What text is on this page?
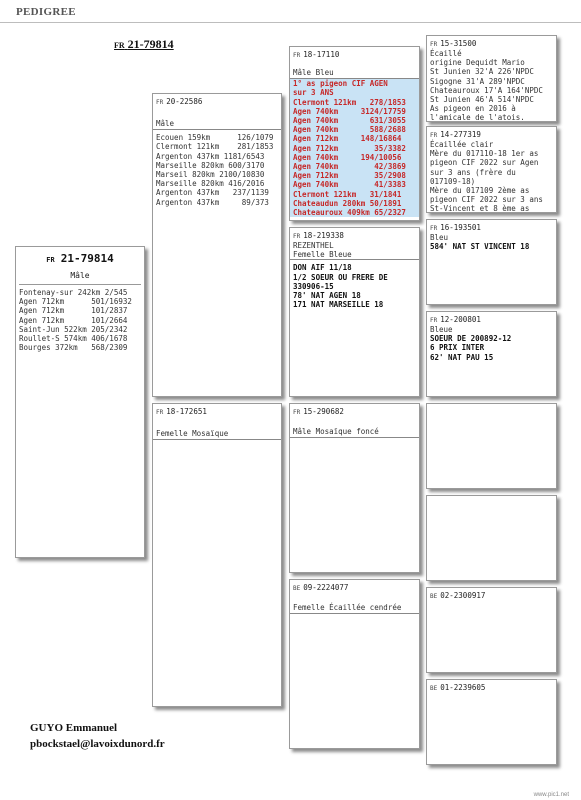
PEDIGREE
FR 21-79814
FR 21-79814
Mâle
Fontenay-sur 242km 2/545
Agen 712km      501/16932
Agen 712km      101/2837
Agen 712km      101/2664
Saint-Jun 522km 205/2342
Roullet-S 574km 406/1678
Bourges 372km   568/2309
FR 20-22586
Mâle
Ecouen 159km      126/1079
Clermont 121km    281/1853
Argenton 437km 1181/6543
Marseille 820km 600/3170
Marseil 820km 2100/10830
Marseille 820km 416/2016
Argenton 437km   237/1139
Argenton 437km     89/373
FR 18-172651
Femelle Mosaïque
FR 18-17110
Mâle Bleu
1° as pigeon CIF AGEN
sur 3 ANS
Clermont 121km   278/1853
Agen 740km     3124/17759
Agen 740km       631/3055
Agen 740km       588/2688
Agen 712km     148/16864
Agen 712km        35/3382
Agen 740km     194/10056
Agen 740km        42/3869
Agen 712km        35/2908
Agen 740km        41/3383
Clermont 121km   31/1841
Chateaudun 280km 50/1891
Chateauroux 409km 65/2327
FR 18-219338
REZENTHEL
Femelle Bleue
DON AIF 11/18
1/2 SOEUR OU FRERE DE
330906-15
78' NAT AGEN 18
171 NAT MARSEILLE 18
FR 15-290682
Mâle Mosaïque foncé
BE 09-2224077
Femelle Écaillée cendrée
FR 15-31500
Écaillé
origine Dequidt Mario
St Junien 32'A 226'NPDC
Sigogne 31'A 289'NPDC
Chateauroux 17'A 164'NPDC
St Junien 46'A 514'NPDC
As pigeon en 2016 à
l'amicale de l'atois.
FR 14-277319
Écaillée clair
Mère du 017110-18 1er as
pigeon CIF 2022 sur Agen
sur 3 ans (frère du
017109-18)
Mère du 017109 2ème as
pigeon CIF 2022 sur 3 ans
St-Vincent et 8 ème as
FR 16-193501
Bleu
584' NAT ST VINCENT 18
FR 12-200801
Bleue
SOEUR DE 200892-12
6 PRIX INTER
62' NAT PAU 15
BE 02-2300917
BE 01-2239605
GUYO Emmanuel
pbockstael@lavoixdunord.fr
www.pic1.net
